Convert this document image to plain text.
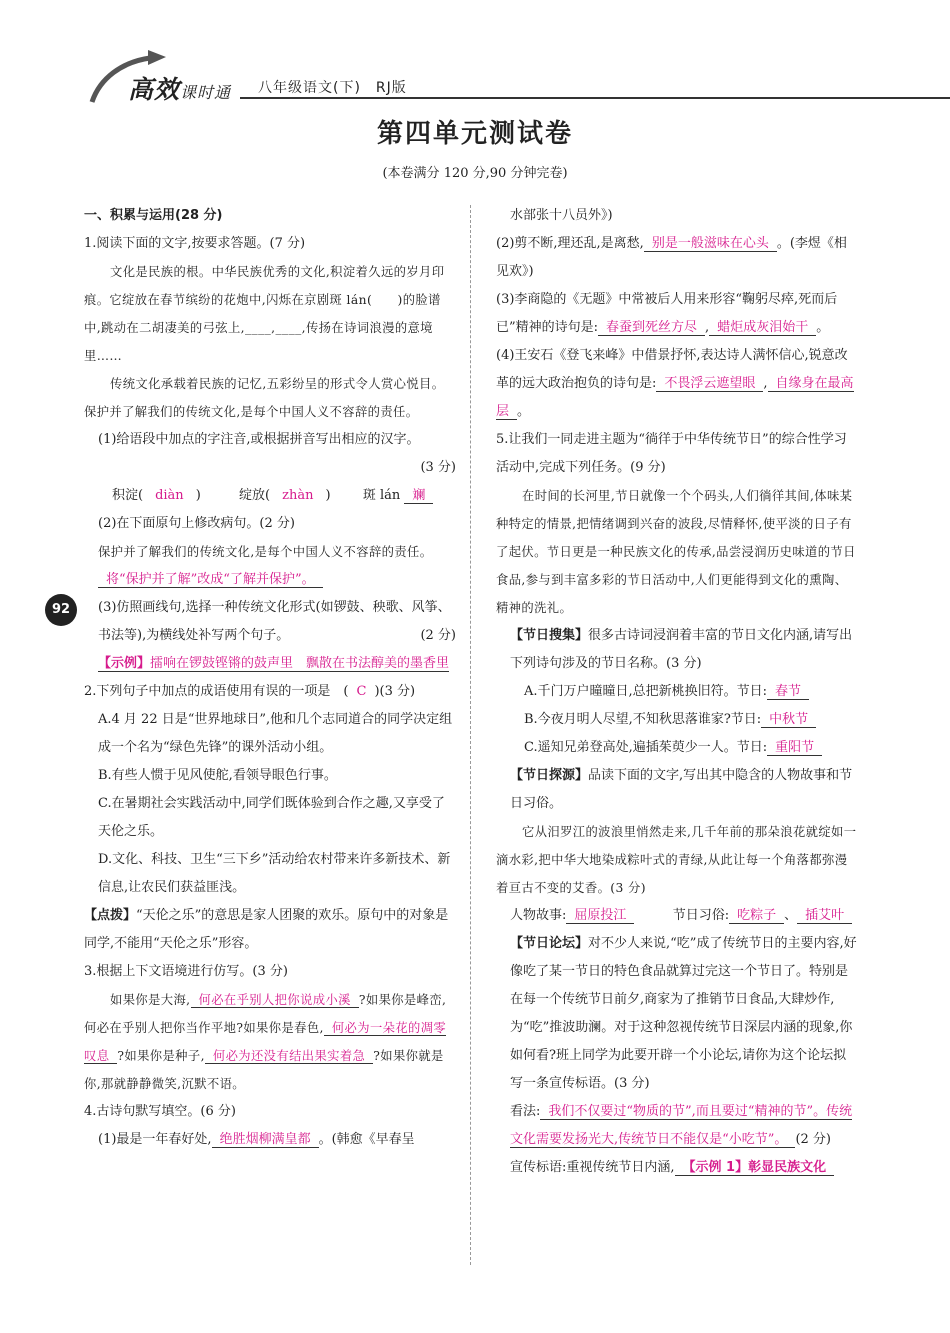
高效课时通 八年级语文(下)　RJ版
第四单元测试卷
(本卷满分 120 分,90 分钟完卷)
92

一、积累与运用(28 分)

1.阅读下面的文字,按要求答题。(7 分)

文化是民族的根。中华民族优秀的文化,积淀着久远的岁月印痕。它绽放在春节缤纷的花炮中,闪烁在京剧斑 lán(　　)的脸谱中,跳动在二胡凄美的弓弦上,____,____,传扬在诗词浪漫的意境里……

传统文化承载着民族的记忆,五彩纷呈的形式令人赏心悦目。保护并了解我们的传统文化,是每个中国人义不容辞的责任。

(1)给语段中加点的字注音,或根据拼音写出相应的汉字。

(3 分)

积淀( diàn )	绽放( zhàn ) 斑 lán 斓

(2)在下面原句上修改病句。(2 分)

保护并了解我们的传统文化,是每个中国人义不容辞的责任。

将“保护并了解”改成“了解并保护”。

(3)仿照画线句,选择一种传统文化形式(如锣鼓、秧歌、风筝、书法等),为横线处补写两个句子。	(2 分)

【示例】擂响在锣鼓铿锵的鼓声里　飘散在书法醇美的墨香里

2.下列句子中加点的成语使用有误的一项是　( C )(3 分)

A.4 月 22 日是“世界地球日”,他和几个志同道合的同学决定组成一个名为“绿色先锋”的课外活动小组。

B.有些人惯于见风使舵,看领导眼色行事。

C.在暑期社会实践活动中,同学们既体验到合作之趣,又享受了天伦之乐。

D.文化、科技、卫生“三下乡”活动给农村带来许多新技术、新信息,让农民们获益匪浅。

【点拨】“天伦之乐”的意思是家人团聚的欢乐。原句中的对象是同学,不能用“天伦之乐”形容。

3.根据上下文语境进行仿写。(3 分)

如果你是大海, 何必在乎别人把你说成小溪 ?如果你是峰峦,何必在乎别人把你当作平地?如果你是春色, 何必为一朵花的凋零叹息 ?如果你是种子, 何必为还没有结出果实着急 ?如果你就是你,那就静静微笑,沉默不语。

4.古诗句默写填空。(6 分)

(1)最是一年春好处, 绝胜烟柳满皇都 。(韩愈《早春呈

水部张十八员外》)

(2)剪不断,理还乱,是离愁, 别是一般滋味在心头 。(李煜《相见欢》)

(3)李商隐的《无题》中常被后人用来形容“鞠躬尽瘁,死而后已”精神的诗句是: 春蚕到死丝方尽 , 蜡炬成灰泪始干 。

(4)王安石《登飞来峰》中借景抒怀,表达诗人满怀信心,锐意改革的远大政治抱负的诗句是: 不畏浮云遮望眼 , 自缘身在最高层 。

5.让我们一同走进主题为“徜徉于中华传统节日”的综合性学习活动中,完成下列任务。(9 分)

在时间的长河里,节日就像一个个码头,人们徜徉其间,体味某种特定的情景,把情绪调到兴奋的波段,尽情释怀,使平淡的日子有了起伏。节日更是一种民族文化的传承,品尝浸润历史味道的节日食品,参与到丰富多彩的节日活动中,人们更能得到文化的熏陶、精神的洗礼。

【节日搜集】很多古诗词浸润着丰富的节日文化内涵,请写出下列诗句涉及的节日名称。(3 分)

A.千门万户曈曈日,总把新桃换旧符。节日: 春节

B.今夜月明人尽望,不知秋思落谁家?节日: 中秋节

C.遥知兄弟登高处,遍插茱萸少一人。节日: 重阳节

【节日探源】品读下面的文字,写出其中隐含的人物故事和节日习俗。

它从汨罗江的波浪里悄然走来,几千年前的那朵浪花就绽如一滴水彩,把中华大地染成粽叶式的青绿,从此让每一个角落都弥漫着亘古不变的艾香。(3 分)

人物故事: 屈原投江	节日习俗: 吃粽子 、 插艾叶

【节日论坛】对不少人来说,“吃”成了传统节日的主要内容,好像吃了某一节日的特色食品就算过完这一个节日了。特别是在每一个传统节日前夕,商家为了推销节日食品,大肆炒作,为“吃”推波助澜。对于这种忽视传统节日深层内涵的现象,你如何看?班上同学为此要开辟一个小论坛,请你为这个论坛拟写一条宣传标语。(3 分)

看法: 我们不仅要过“物质的节”,而且要过“精神的节”。传统文化需要发扬光大,传统节日不能仅是“小吃节”。 (2 分)

宣传标语:重视传统节日内涵, 【示例 1】彰显民族文化
